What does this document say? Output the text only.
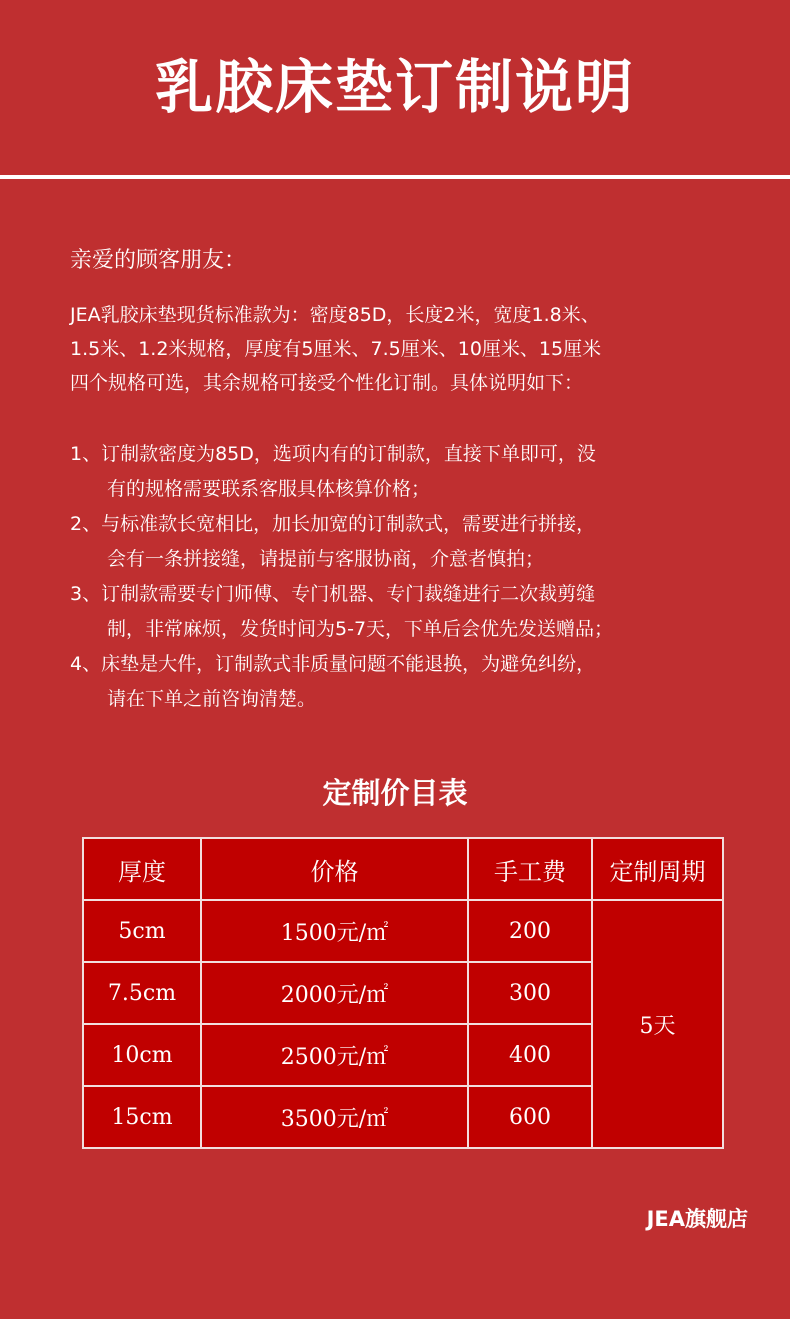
乳胶床垫订制说明
亲爱的顾客朋友：
JEA乳胶床垫现货标准款为：密度85D，长度2米，宽度1.8米、
1.5米、1.2米规格，厚度有5厘米、7.5厘米、10厘米、15厘米
四个规格可选，其余规格可接受个性化订制。具体说明如下：
1、订制款密度为85D，选项内有的订制款，直接下单即可，没
有的规格需要联系客服具体核算价格；
2、与标准款长宽相比，加长加宽的订制款式，需要进行拼接，
会有一条拼接缝，请提前与客服协商，介意者慎拍；
3、订制款需要专门师傅、专门机器、专门裁缝进行二次裁剪缝
制，非常麻烦，发货时间为5-7天，下单后会优先发送赠品；
4、床垫是大件，订制款式非质量问题不能退换，为避免纠纷，
请在下单之前咨询清楚。
定制价目表
厚度	价格	手工费	定制周期
5cm	1500元/㎡	200	5天
7.5cm	2000元/㎡	300	
10cm	2500元/㎡	400	
15cm	3500元/㎡	600	
JEA旗舰店
